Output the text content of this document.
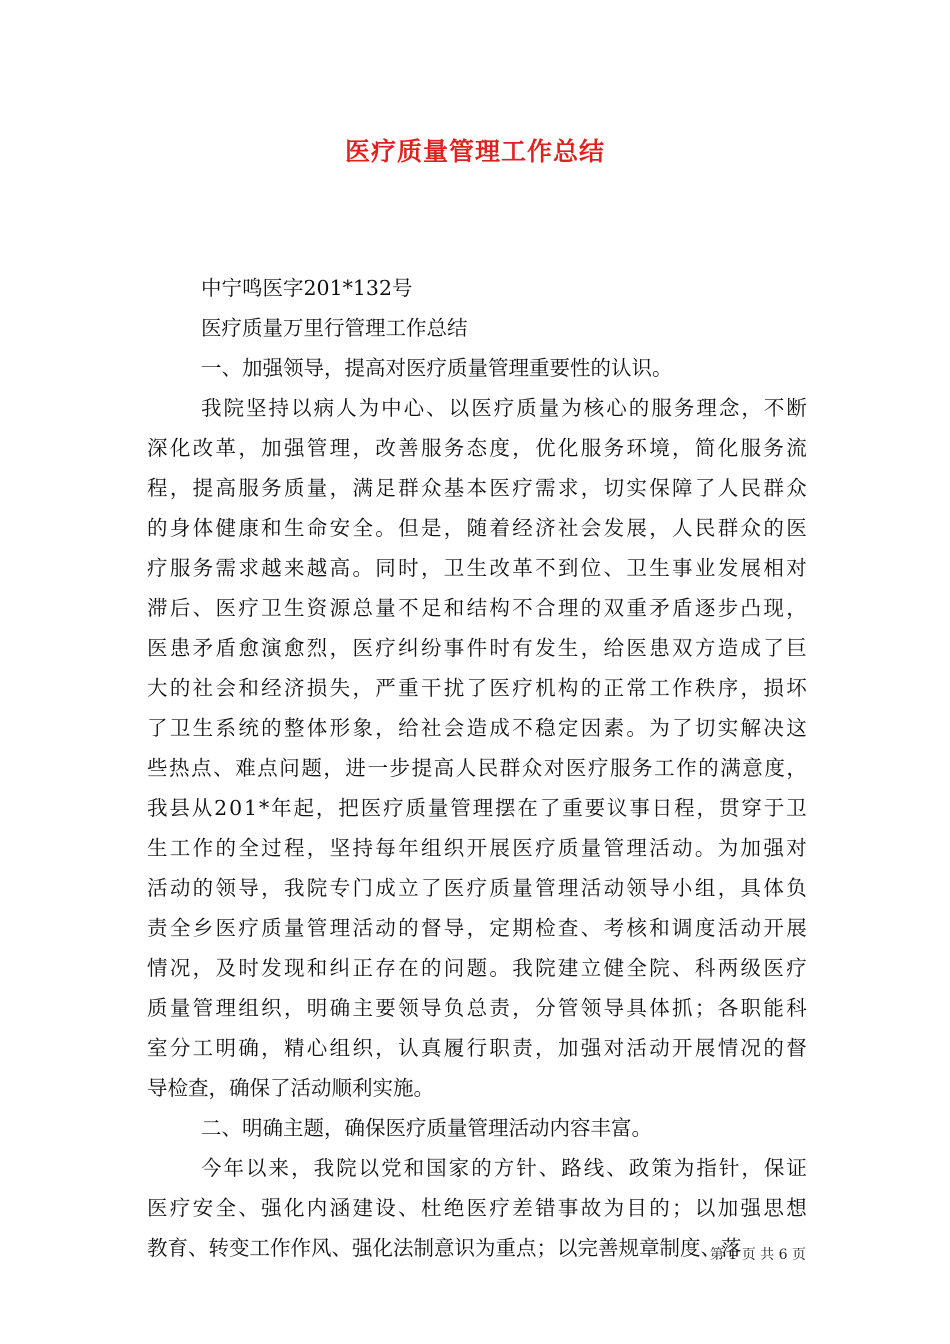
医疗质量管理工作总结
中宁鸣医字201*132号
医疗质量万里行管理工作总结
一、加强领导，提高对医疗质量管理重要性的认识。
我 院 坚 持 以 病 人 为 中 心 、 以 医 疗 质 量 为 核 心 的 服 务 理 念 ， 不 断
深 化 改 革 ， 加 强 管 理 ， 改 善 服 务 态 度 ， 优 化 服 务 环 境 ， 简 化 服 务 流
程 ， 提 高 服 务 质 量 ， 满 足 群 众 基 本 医 疗 需 求 ， 切 实 保 障 了 人 民 群 众
的 身 体 健 康 和 生 命 安 全 。 但 是 ， 随 着 经 济 社 会 发 展 ， 人 民 群 众 的 医
疗 服 务 需 求 越 来 越 高 。 同 时 ， 卫 生 改 革 不 到 位 、 卫 生 事 业 发 展 相 对
滞 后 、 医 疗 卫 生 资 源 总 量 不 足 和 结 构 不 合 理 的 双 重 矛 盾 逐 步 凸 现 ，
医 患 矛 盾 愈 演 愈 烈 ， 医 疗 纠 纷 事 件 时 有 发 生 ， 给 医 患 双 方 造 成 了 巨
大 的 社 会 和 经 济 损 失 ， 严 重 干 扰 了 医 疗 机 构 的 正 常 工 作 秩 序 ， 损 坏
了 卫 生 系 统 的 整 体 形 象 ， 给 社 会 造 成 不 稳 定 因 素 。 为 了 切 实 解 决 这
些 热 点 、 难 点 问 题 ， 进 一 步 提 高 人 民 群 众 对 医 疗 服 务 工 作 的 满 意 度 ，
我 县 从 2 0 1 * 年 起 ， 把 医 疗 质 量 管 理 摆 在 了 重 要 议 事 日 程 ， 贯 穿 于 卫
生 工 作 的 全 过 程 ， 坚 持 每 年 组 织 开 展 医 疗 质 量 管 理 活 动 。 为 加 强 对
活 动 的 领 导 ， 我 院 专 门 成 立 了 医 疗 质 量 管 理 活 动 领 导 小 组 ， 具 体 负
责 全 乡 医 疗 质 量 管 理 活 动 的 督 导 ， 定 期 检 查 、 考 核 和 调 度 活 动 开 展
情 况 ， 及 时 发 现 和 纠 正 存 在 的 问 题 。 我 院 建 立 健 全 院 、 科 两 级 医 疗
质 量 管 理 组 织 ， 明 确 主 要 领 导 负 总 责 ， 分 管 领 导 具 体 抓 ； 各 职 能 科
室 分 工 明 确 ， 精 心 组 织 ， 认 真 履 行 职 责 ， 加 强 对 活 动 开 展 情 况 的 督
导检查，确保了活动顺利实施。
二、明确主题，确保医疗质量管理活动内容丰富。
今 年 以 来 ， 我 院 以 党 和 国 家 的 方 针 、 路 线 、 政 策 为 指 针 ， 保 证
医 疗 安 全 、 强 化 内 涵 建 设 、 杜 绝 医 疗 差 错 事 故 为 目 的 ； 以 加 强 思 想
教育、转变工作作风、强化法制意识为重点；以完善规章制度、落
第 1 页 共 6 页
